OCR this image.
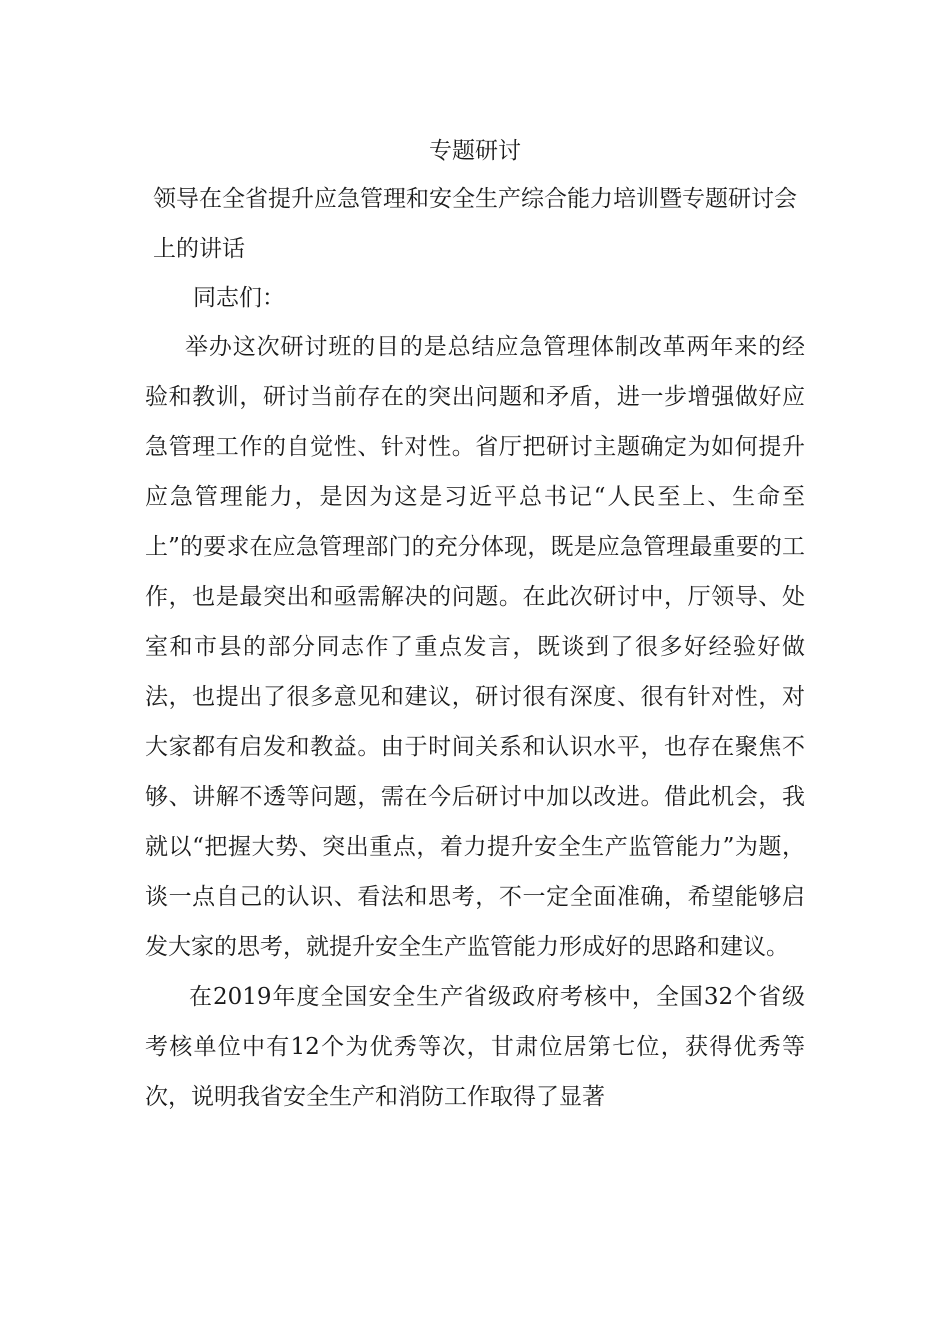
专题研讨
领导在全省提升应急管理和安全生产综合能力培训暨专题研讨会上的讲话

同志们：

举办这次研讨班的目的是总结应急管理体制改革两年来的经验和教训，研讨当前存在的突出问题和矛盾，进一步增强做好应急管理工作的自觉性、针对性。省厅把研讨主题确定为如何提升应急管理能力，是因为这是习近平总书记“人民至上、生命至上”的要求在应急管理部门的充分体现，既是应急管理最重要的工作，也是最突出和亟需解决的问题。在此次研讨中，厅领导、处室和市县的部分同志作了重点发言，既谈到了很多好经验好做法，也提出了很多意见和建议，研讨很有深度、很有针对性，对大家都有启发和教益。由于时间关系和认识水平，也存在聚焦不够、讲解不透等问题，需在今后研讨中加以改进。借此机会，我就以“把握大势、突出重点，着力提升安全生产监管能力”为题，谈一点自己的认识、看法和思考，不一定全面准确，希望能够启发大家的思考，就提升安全生产监管能力形成好的思路和建议。

在2019年度全国安全生产省级政府考核中，全国32个省级考核单位中有12个为优秀等次，甘肃位居第七位，获得优秀等次，说明我省安全生产和消防工作取得了显著
